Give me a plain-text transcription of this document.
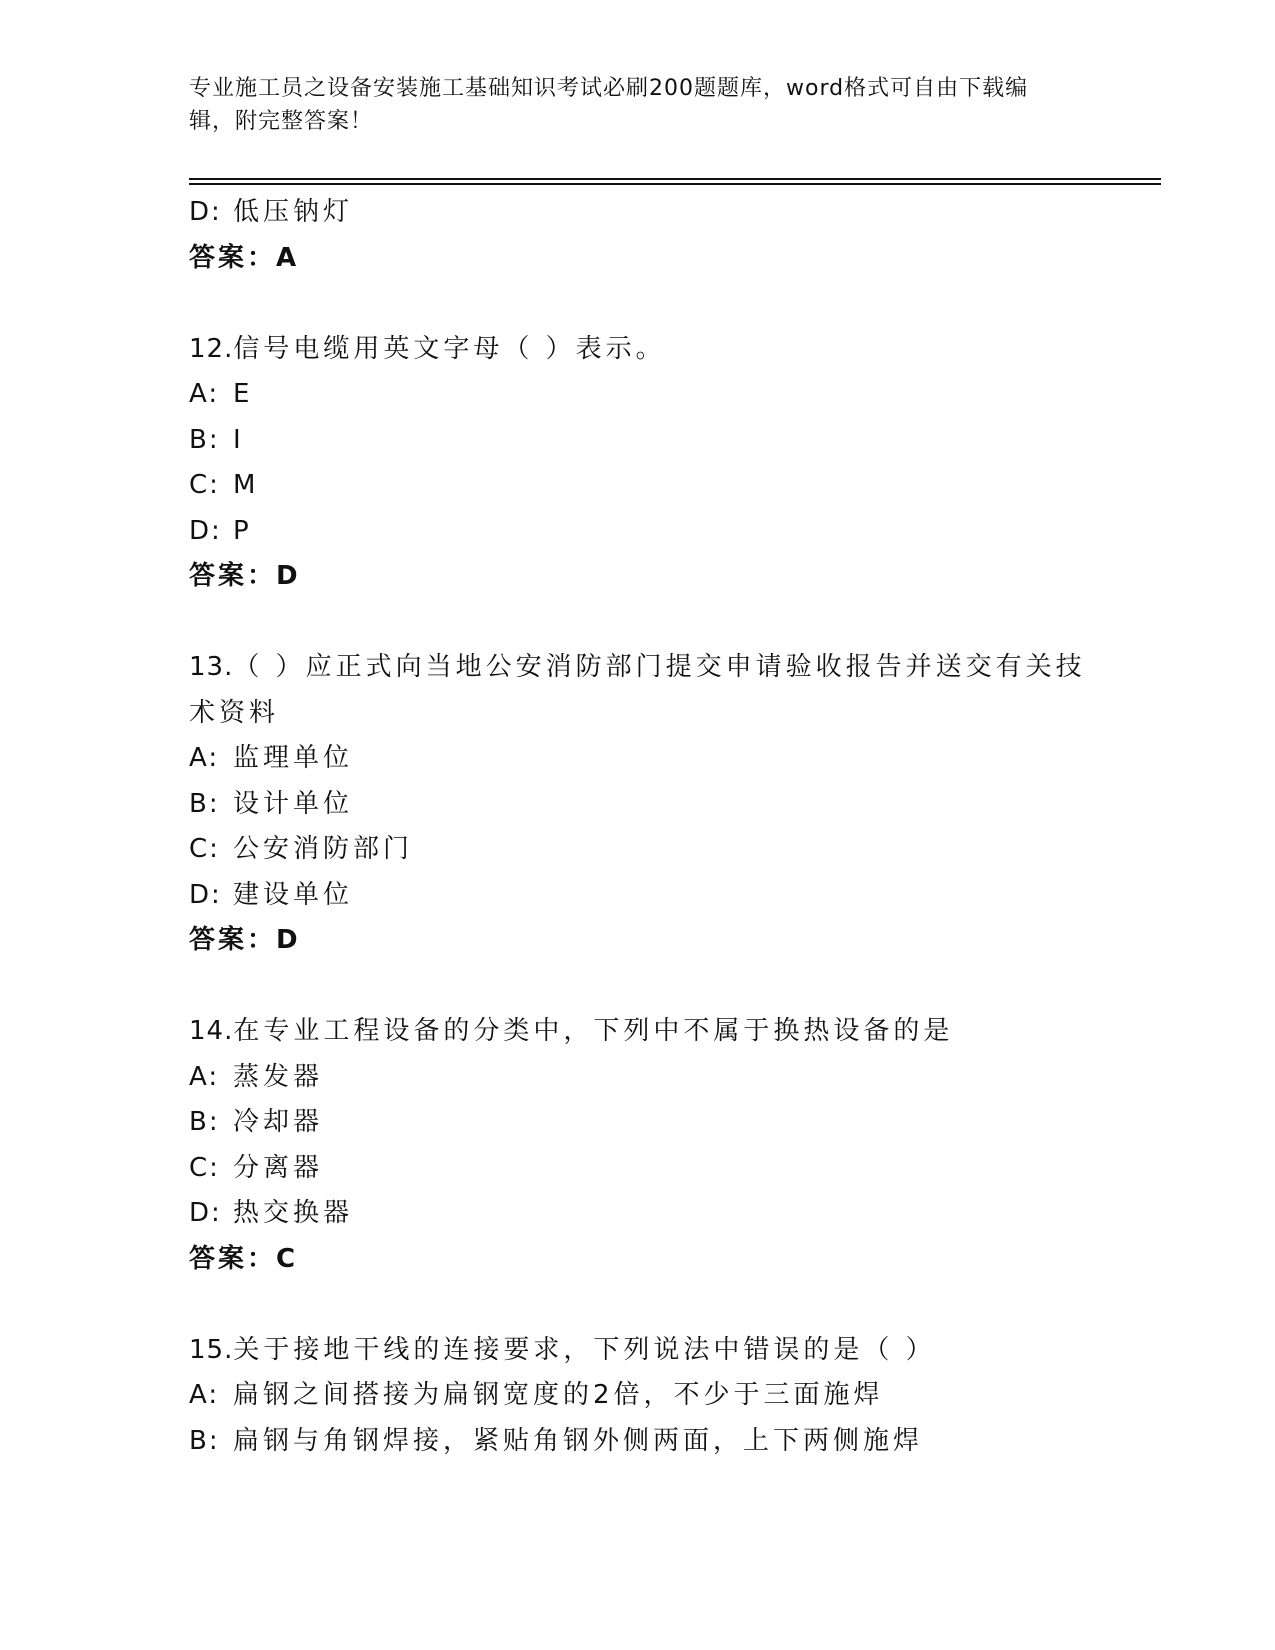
专业施工员之设备安装施工基础知识考试必刷200题题库，word格式可自由下载编辑，附完整答案！
D: 低压钠灯
答案：A
12.信号电缆用英文字母（ ）表示。
A: E
B: I
C: M
D: P
答案：D
13.（ ）应正式向当地公安消防部门提交申请验收报告并送交有关技
术资料
A: 监理单位
B: 设计单位
C: 公安消防部门
D: 建设单位
答案：D
14.在专业工程设备的分类中，下列中不属于换热设备的是
A: 蒸发器
B: 冷却器
C: 分离器
D: 热交换器
答案：C
15.关于接地干线的连接要求，下列说法中错误的是（ ）
A: 扁钢之间搭接为扁钢宽度的2倍，不少于三面施焊
B: 扁钢与角钢焊接，紧贴角钢外侧两面，上下两侧施焊
